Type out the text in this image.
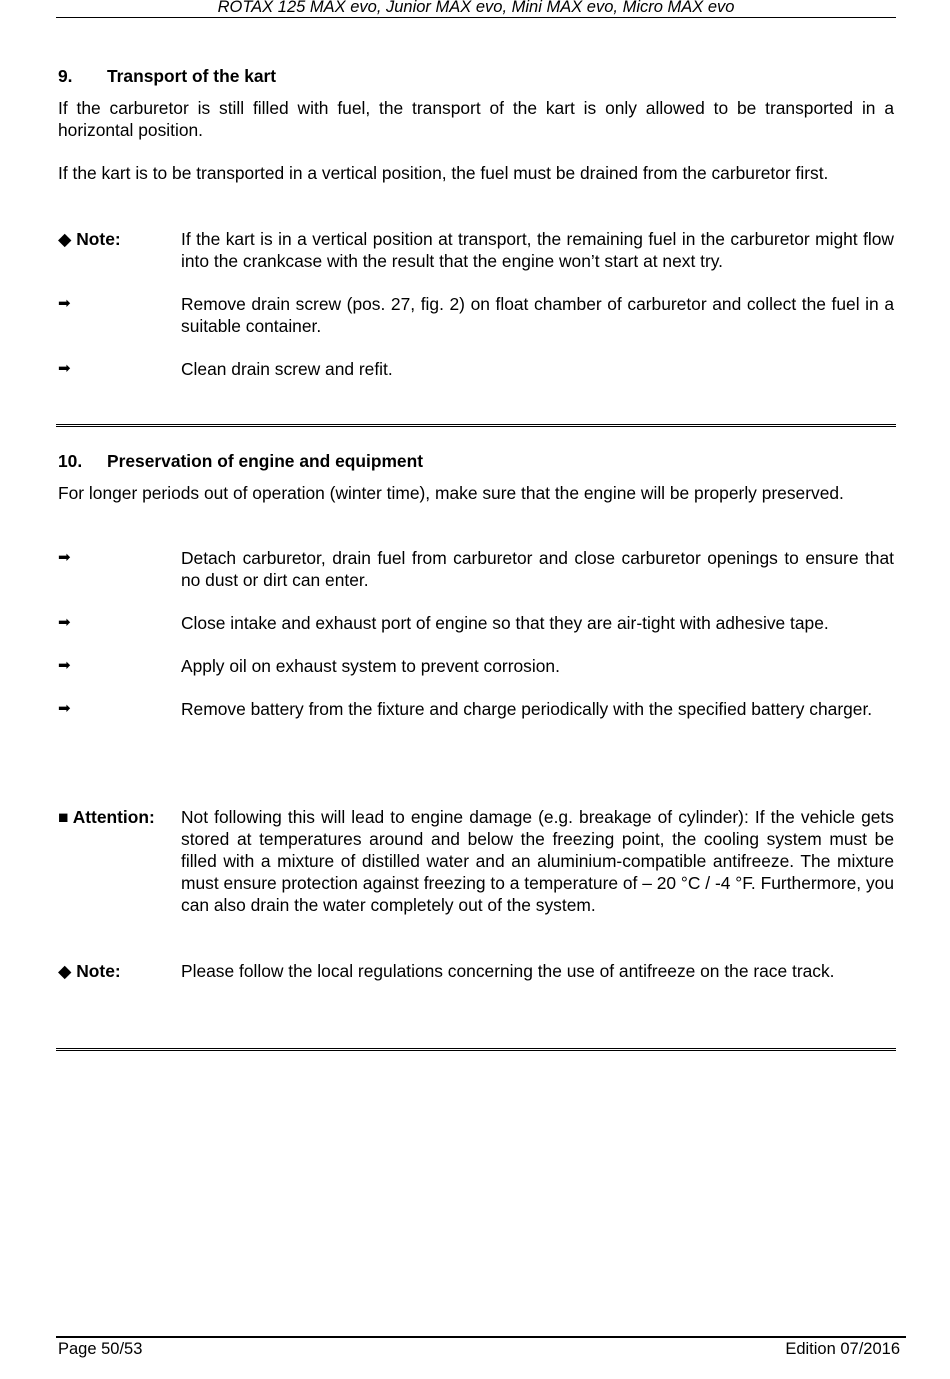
ROTAX 125 MAX evo, Junior MAX evo, Mini MAX evo, Micro MAX evo
9. Transport of the kart
If the carburetor is still filled with fuel, the transport of the kart is only allowed to be transported in a horizontal position.
If the kart is to be transported in a vertical position, the fuel must be drained from the carburetor first.
◆ Note:	If the kart is in a vertical position at transport, the remaining fuel in the carburetor might flow into the crankcase with the result that the engine won’t start at next try.
➡	Remove drain screw (pos. 27, fig. 2) on float chamber of carburetor and collect the fuel in a suitable container.
➡	Clean drain screw and refit.
10. Preservation of engine and equipment
For longer periods out of operation (winter time), make sure that the engine will be properly preserved.
➡	Detach carburetor, drain fuel from carburetor and close carburetor openings to ensure that no dust or dirt can enter.
➡	Close intake and exhaust port of engine so that they are air-tight with adhesive tape.
➡	Apply oil on exhaust system to prevent corrosion.
➡	Remove battery from the fixture and charge periodically with the specified battery charger.
■ Attention: Not following this will lead to engine damage (e.g. breakage of cylinder): If the vehicle gets stored at temperatures around and below the freezing point, the cooling system must be filled with a mixture of distilled water and an aluminium-compatible antifreeze. The mixture must ensure protection against freezing to a temperature of – 20 °C / -4 °F. Furthermore, you can also drain the water completely out of the system.
◆ Note:	Please follow the local regulations concerning the use of antifreeze on the race track.
Page 50/53	Edition 07/2016
